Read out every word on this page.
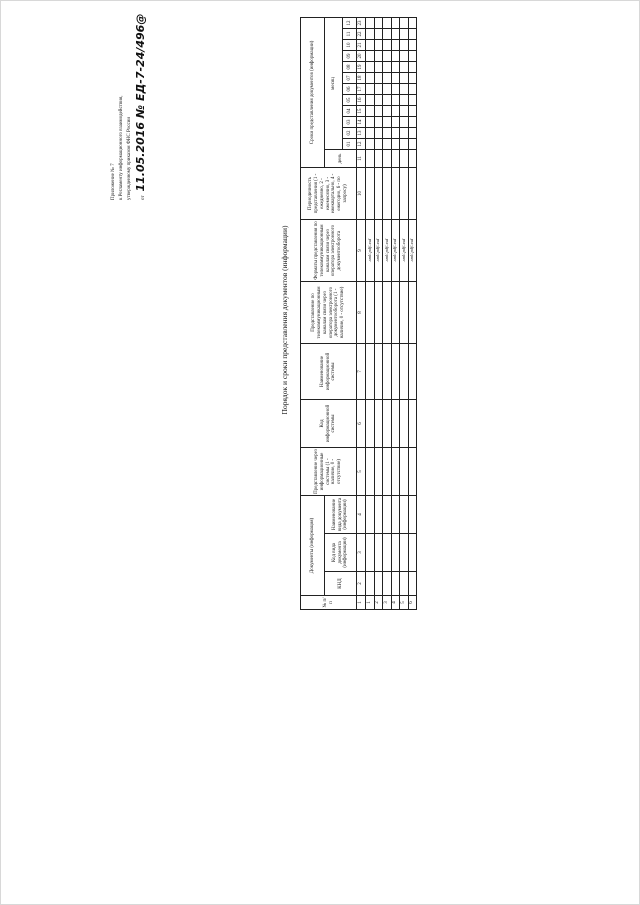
Приложение № 7 к Регламенту информационного взаимодействия, утвержденному приказом ФНС России	от 11.05.2016 № ЕД-7-24/496@
Порядок и сроки представления документов (информации)
№ п/п	Документы (информация)			Представление через информационные системы (1 - наличие, 0 - отсутствие)	Код информационной системы	Наименование информационной системы	Представление по телекоммуникационным каналам связи через оператора электронного документооборота (1 - наличие, 0 - отсутствие)	Форматы представления по телекоммуникационным каналам связи через оператора электронного документооборота	Периодичность представления (1 - ежедневно, 2 - ежемесячно, 3 - ежеквартально, 4 - ежегодно, 6 - по запросу)	Сроки представления документов (информации)												
	КНД	Код вида документа (информации)	Наименование вида документа (информации)							день	месяц											
											01	02	03	04	05	06	07	08	09	10	11	12
1	2	3	4	5	6	7	8	9	10	11	12	13	14	15	16	17	18	19	20	21	22	23
1								.xml/.pdf/.xsd														
2								.xml/.pdf/.xsd														
3								.xml/.pdf/.xsd														
4								.xml/.pdf/.xsd														
5								.xml/.pdf/.xsd														
6								.xml/.pdf/.xsd														
